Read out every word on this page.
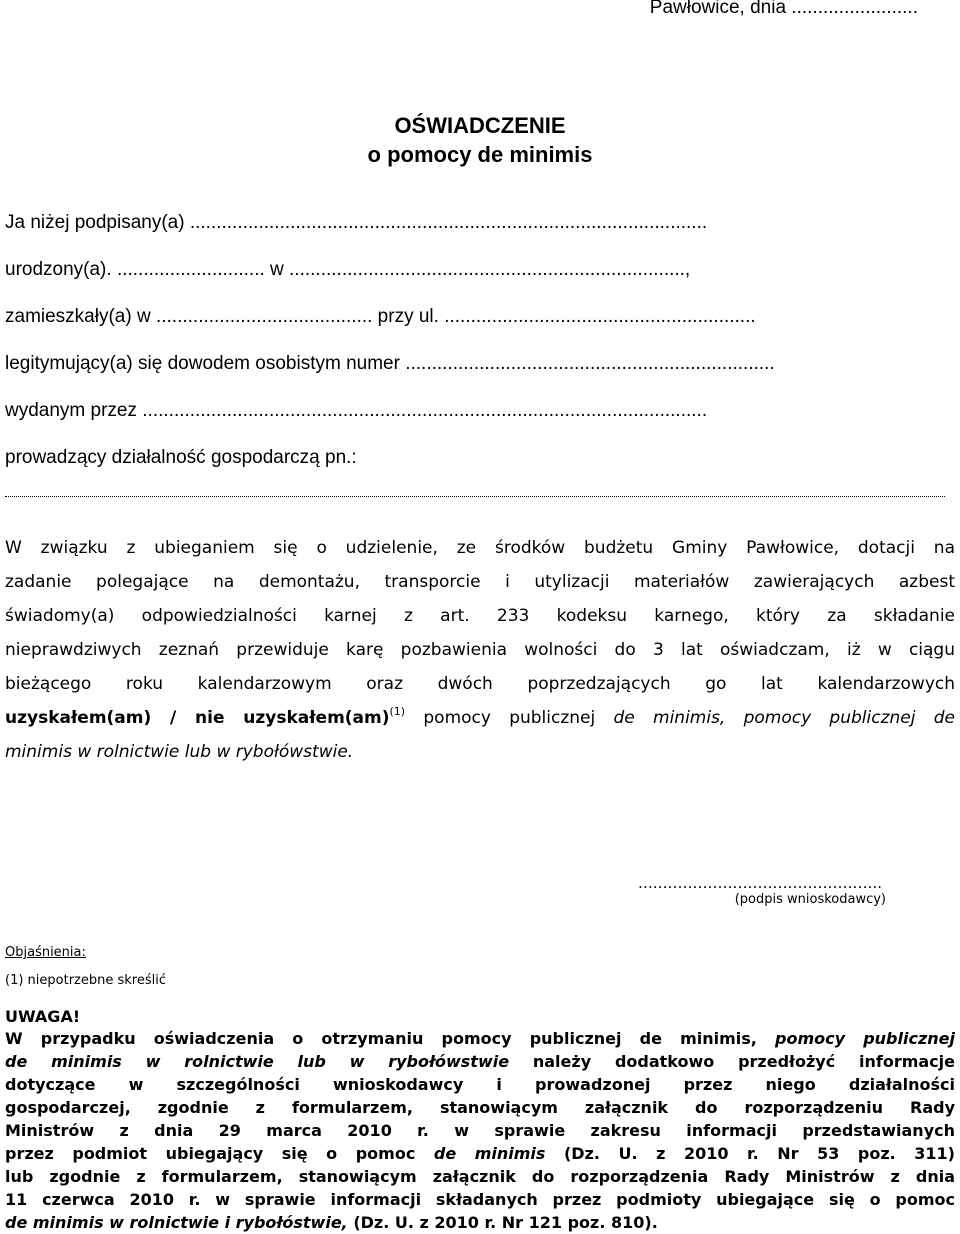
Pawłowice, dnia ........................
OŚWIADCZENIE
o pomocy de minimis
Ja niżej podpisany(a) ..................................................................................................
urodzony(a). ............................ w ...........................................................................,
zamieszkały(a) w ......................................... przy ul. ...........................................................
legitymujący(a) się dowodem osobistym numer ......................................................................
wydanym przez ...........................................................................................................
prowadzący działalność gospodarczą pn.:
W związku z ubieganiem się o udzielenie, ze środków budżetu Gminy Pawłowice, dotacji na
zadanie polegające na demontażu, transporcie i utylizacji materiałów zawierających azbest
świadomy(a) odpowiedzialności karnej z art. 233 kodeksu karnego, który za składanie
nieprawdziwych zeznań przewiduje karę pozbawienia wolności do 3 lat oświadczam, iż w ciągu
bieżącego roku kalendarzowym oraz dwóch poprzedzających go lat kalendarzowych
uzyskałem(am) / nie uzyskałem(am)$^{(1)}$ pomocy publicznej de minimis, pomocy publicznej de
minimis w rolnictwie lub w rybołówstwie.
…..……………………………………..
(podpis wnioskodawcy)
Objaśnienia:
(1) niepotrzebne skreślić
UWAGA!
W przypadku oświadczenia o otrzymaniu pomocy publicznej de minimis, pomocy publicznej
de minimis w rolnictwie lub w rybołówstwie należy dodatkowo przedłożyć informacje
dotyczące w szczególności wnioskodawcy i prowadzonej przez niego działalności
gospodarczej, zgodnie z formularzem, stanowiącym załącznik do rozporządzeniu Rady
Ministrów z dnia 29 marca 2010 r. w sprawie zakresu informacji przedstawianych
przez podmiot ubiegający się o pomoc de minimis (Dz. U. z 2010 r. Nr 53 poz. 311)
lub zgodnie z formularzem, stanowiącym załącznik do rozporządzenia Rady Ministrów z dnia
11 czerwca 2010 r. w sprawie informacji składanych przez podmioty ubiegające się o pomoc
de minimis w rolnictwie i rybołóstwie, (Dz. U. z 2010 r. Nr 121 poz. 810).
